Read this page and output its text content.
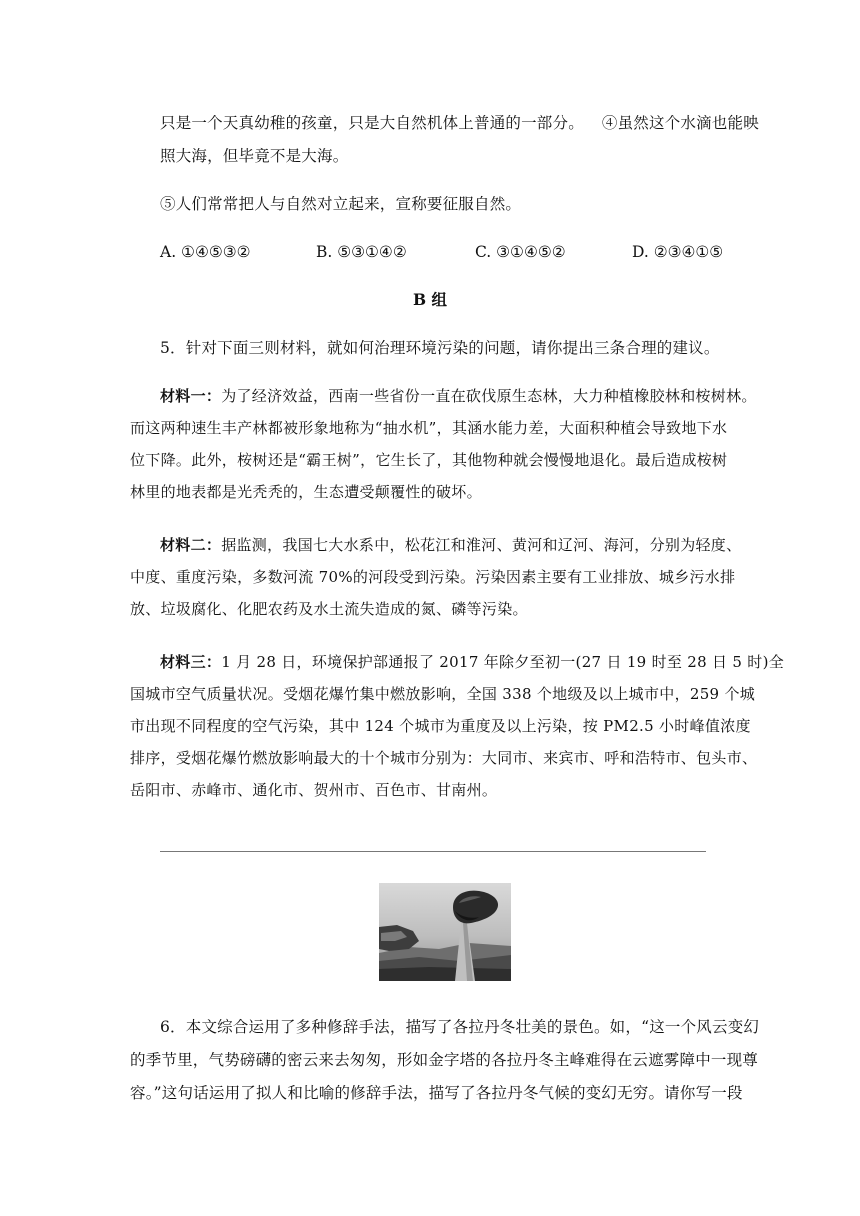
只是一个天真幼稚的孩童，只是大自然机体上普通的一部分。 ④虽然这个水滴也能映
照大海，但毕竟不是大海。
⑤人们常常把人与自然对立起来，宣称要征服自然。
A. ①④⑤③②	B. ⑤③①④②	C. ③①④⑤②	D. ②③④①⑤
B 组
5．针对下面三则材料，就如何治理环境污染的问题，请你提出三条合理的建议。
材料一：为了经济效益，西南一些省份一直在砍伐原生态林，大力种植橡胶林和桉树林。
而这两种速生丰产林都被形象地称为“抽水机”，其涵水能力差，大面积种植会导致地下水
位下降。此外，桉树还是“霸王树”，它生长了，其他物种就会慢慢地退化。最后造成桉树
林里的地表都是光秃秃的，生态遭受颠覆性的破坏。
材料二：据监测，我国七大水系中，松花江和淮河、黄河和辽河、海河，分别为轻度、
中度、重度污染，多数河流 70%的河段受到污染。污染因素主要有工业排放、城乡污水排
放、垃圾腐化、化肥农药及水土流失造成的氮、磷等污染。
材料三：1 月 28 日，环境保护部通报了 2017 年除夕至初一(27 日 19 时至 28 日 5 时)全
国城市空气质量状况。受烟花爆竹集中燃放影响，全国 338 个地级及以上城市中，259 个城
市出现不同程度的空气污染，其中 124 个城市为重度及以上污染，按 PM2.5 小时峰值浓度
排序，受烟花爆竹燃放影响最大的十个城市分别为：大同市、来宾市、呼和浩特市、包头市、
岳阳市、赤峰市、通化市、贺州市、百色市、甘南州。
6．本文综合运用了多种修辞手法，描写了各拉丹冬壮美的景色。如，“这一个风云变幻
的季节里，气势磅礴的密云来去匆匆，形如金字塔的各拉丹冬主峰难得在云遮雾障中一现尊
容。”这句话运用了拟人和比喻的修辞手法，描写了各拉丹冬气候的变幻无穷。请你写一段
